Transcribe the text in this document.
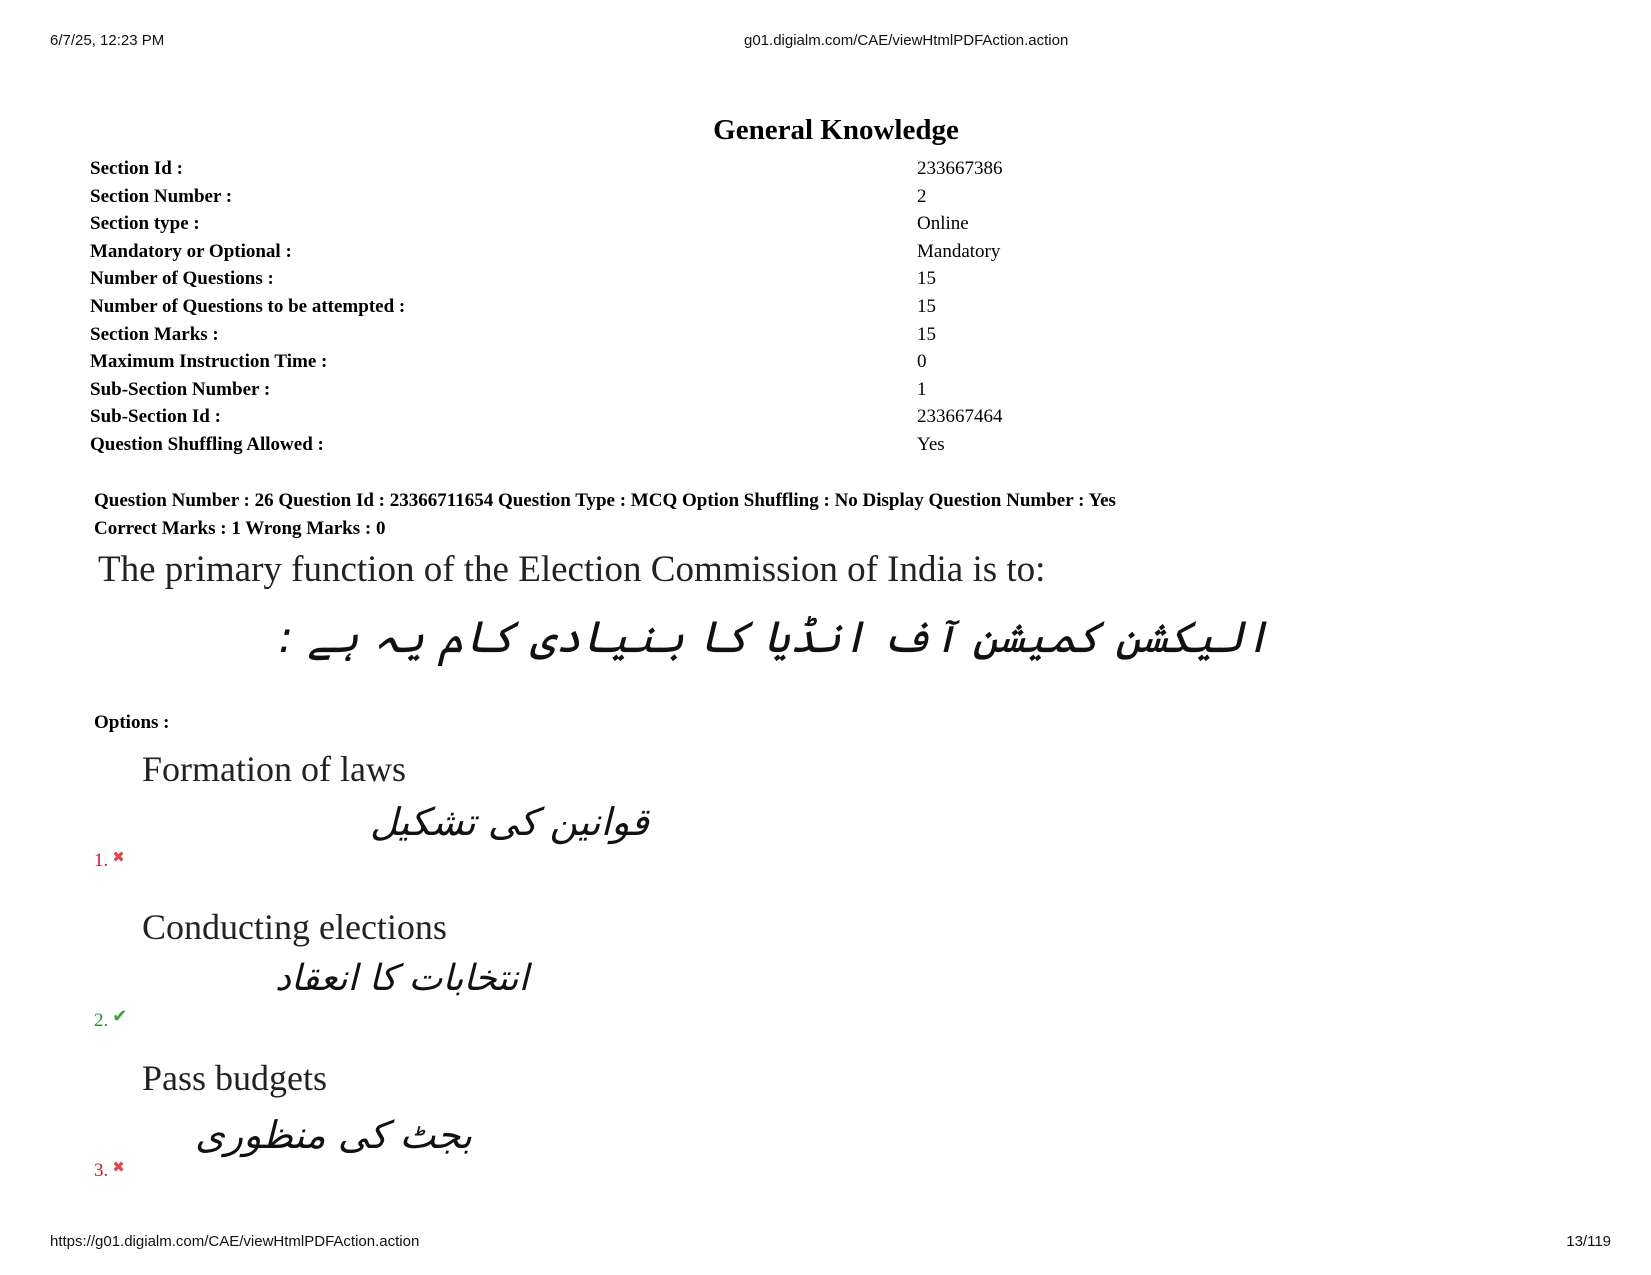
6/7/25, 12:23 PM	g01.digialm.com/CAE/viewHtmlPDFAction.action
General Knowledge
Section Id :	233667386
Section Number :	2
Section type :	Online
Mandatory or Optional :	Mandatory
Number of Questions :	15
Number of Questions to be attempted :	15
Section Marks :	15
Maximum Instruction Time :	0
Sub-Section Number :	1
Sub-Section Id :	233667464
Question Shuffling Allowed :	Yes
Question Number : 26 Question Id : 23366711654 Question Type : MCQ Option Shuffling : No Display Question Number : Yes
Correct Marks : 1 Wrong Marks : 0
The primary function of the Election Commission of India is to:
الیکشن کمیشن آف انڈیا کا بنیادی کام یہ ہے :
Options :
Formation of laws
قوانین کی تشکیل
1. ✖
Conducting elections
انتخابات کا انعقاد
2. ✔
Pass budgets
بجٹ کی منظوری
3. ✖
https://g01.digialm.com/CAE/viewHtmlPDFAction.action	13/119
